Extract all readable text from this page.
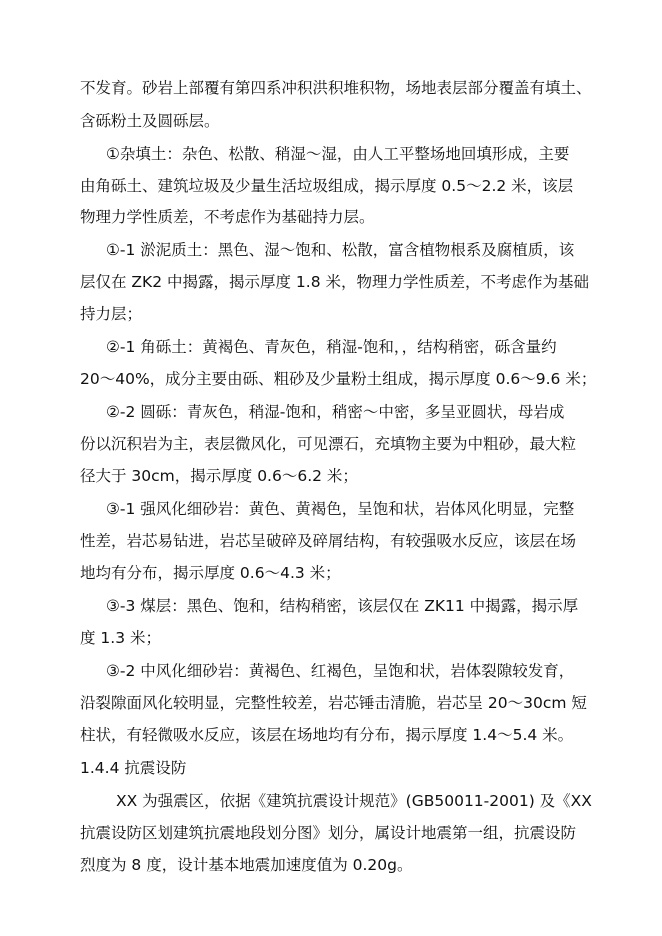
不发育。砂岩上部覆有第四系冲积洪积堆积物，场地表层部分覆盖有填土、
含砾粉土及圆砾层。
①杂填土：杂色、松散、稍湿～湿，由人工平整场地回填形成，主要
由角砾土、建筑垃圾及少量生活垃圾组成，揭示厚度 0.5～2.2 米，该层
物理力学性质差，不考虑作为基础持力层。
①-1 淤泥质土：黑色、湿～饱和、松散，富含植物根系及腐植质，该
层仅在 ZK2 中揭露，揭示厚度 1.8 米，物理力学性质差，不考虑作为基础
持力层；
②-1 角砾土：黄褐色、青灰色，稍湿-饱和，，结构稍密，砾含量约
20～40%，成分主要由砾、粗砂及少量粉土组成，揭示厚度 0.6～9.6 米；
②-2 圆砾：青灰色，稍湿-饱和，稍密～中密，多呈亚圆状，母岩成
份以沉积岩为主，表层微风化，可见漂石，充填物主要为中粗砂，最大粒
径大于 30cm，揭示厚度 0.6～6.2 米；
③-1 强风化细砂岩：黄色、黄褐色，呈饱和状，岩体风化明显，完整
性差，岩芯易钻进，岩芯呈破碎及碎屑结构，有较强吸水反应，该层在场
地均有分布，揭示厚度 0.6～4.3 米；
③-3 煤层：黑色、饱和，结构稍密，该层仅在 ZK11 中揭露，揭示厚
度 1.3 米；
③-2 中风化细砂岩：黄褐色、红褐色，呈饱和状，岩体裂隙较发育，
沿裂隙面风化较明显，完整性较差，岩芯锤击清脆，岩芯呈 20～30cm 短
柱状，有轻微吸水反应，该层在场地均有分布，揭示厚度 1.4～5.4 米。
1.4.4 抗震设防
XX 为强震区，依据《建筑抗震设计规范》(GB50011-2001) 及《XX
抗震设防区划建筑抗震地段划分图》划分，属设计地震第一组，抗震设防
烈度为 8 度，设计基本地震加速度值为 0.20g。
